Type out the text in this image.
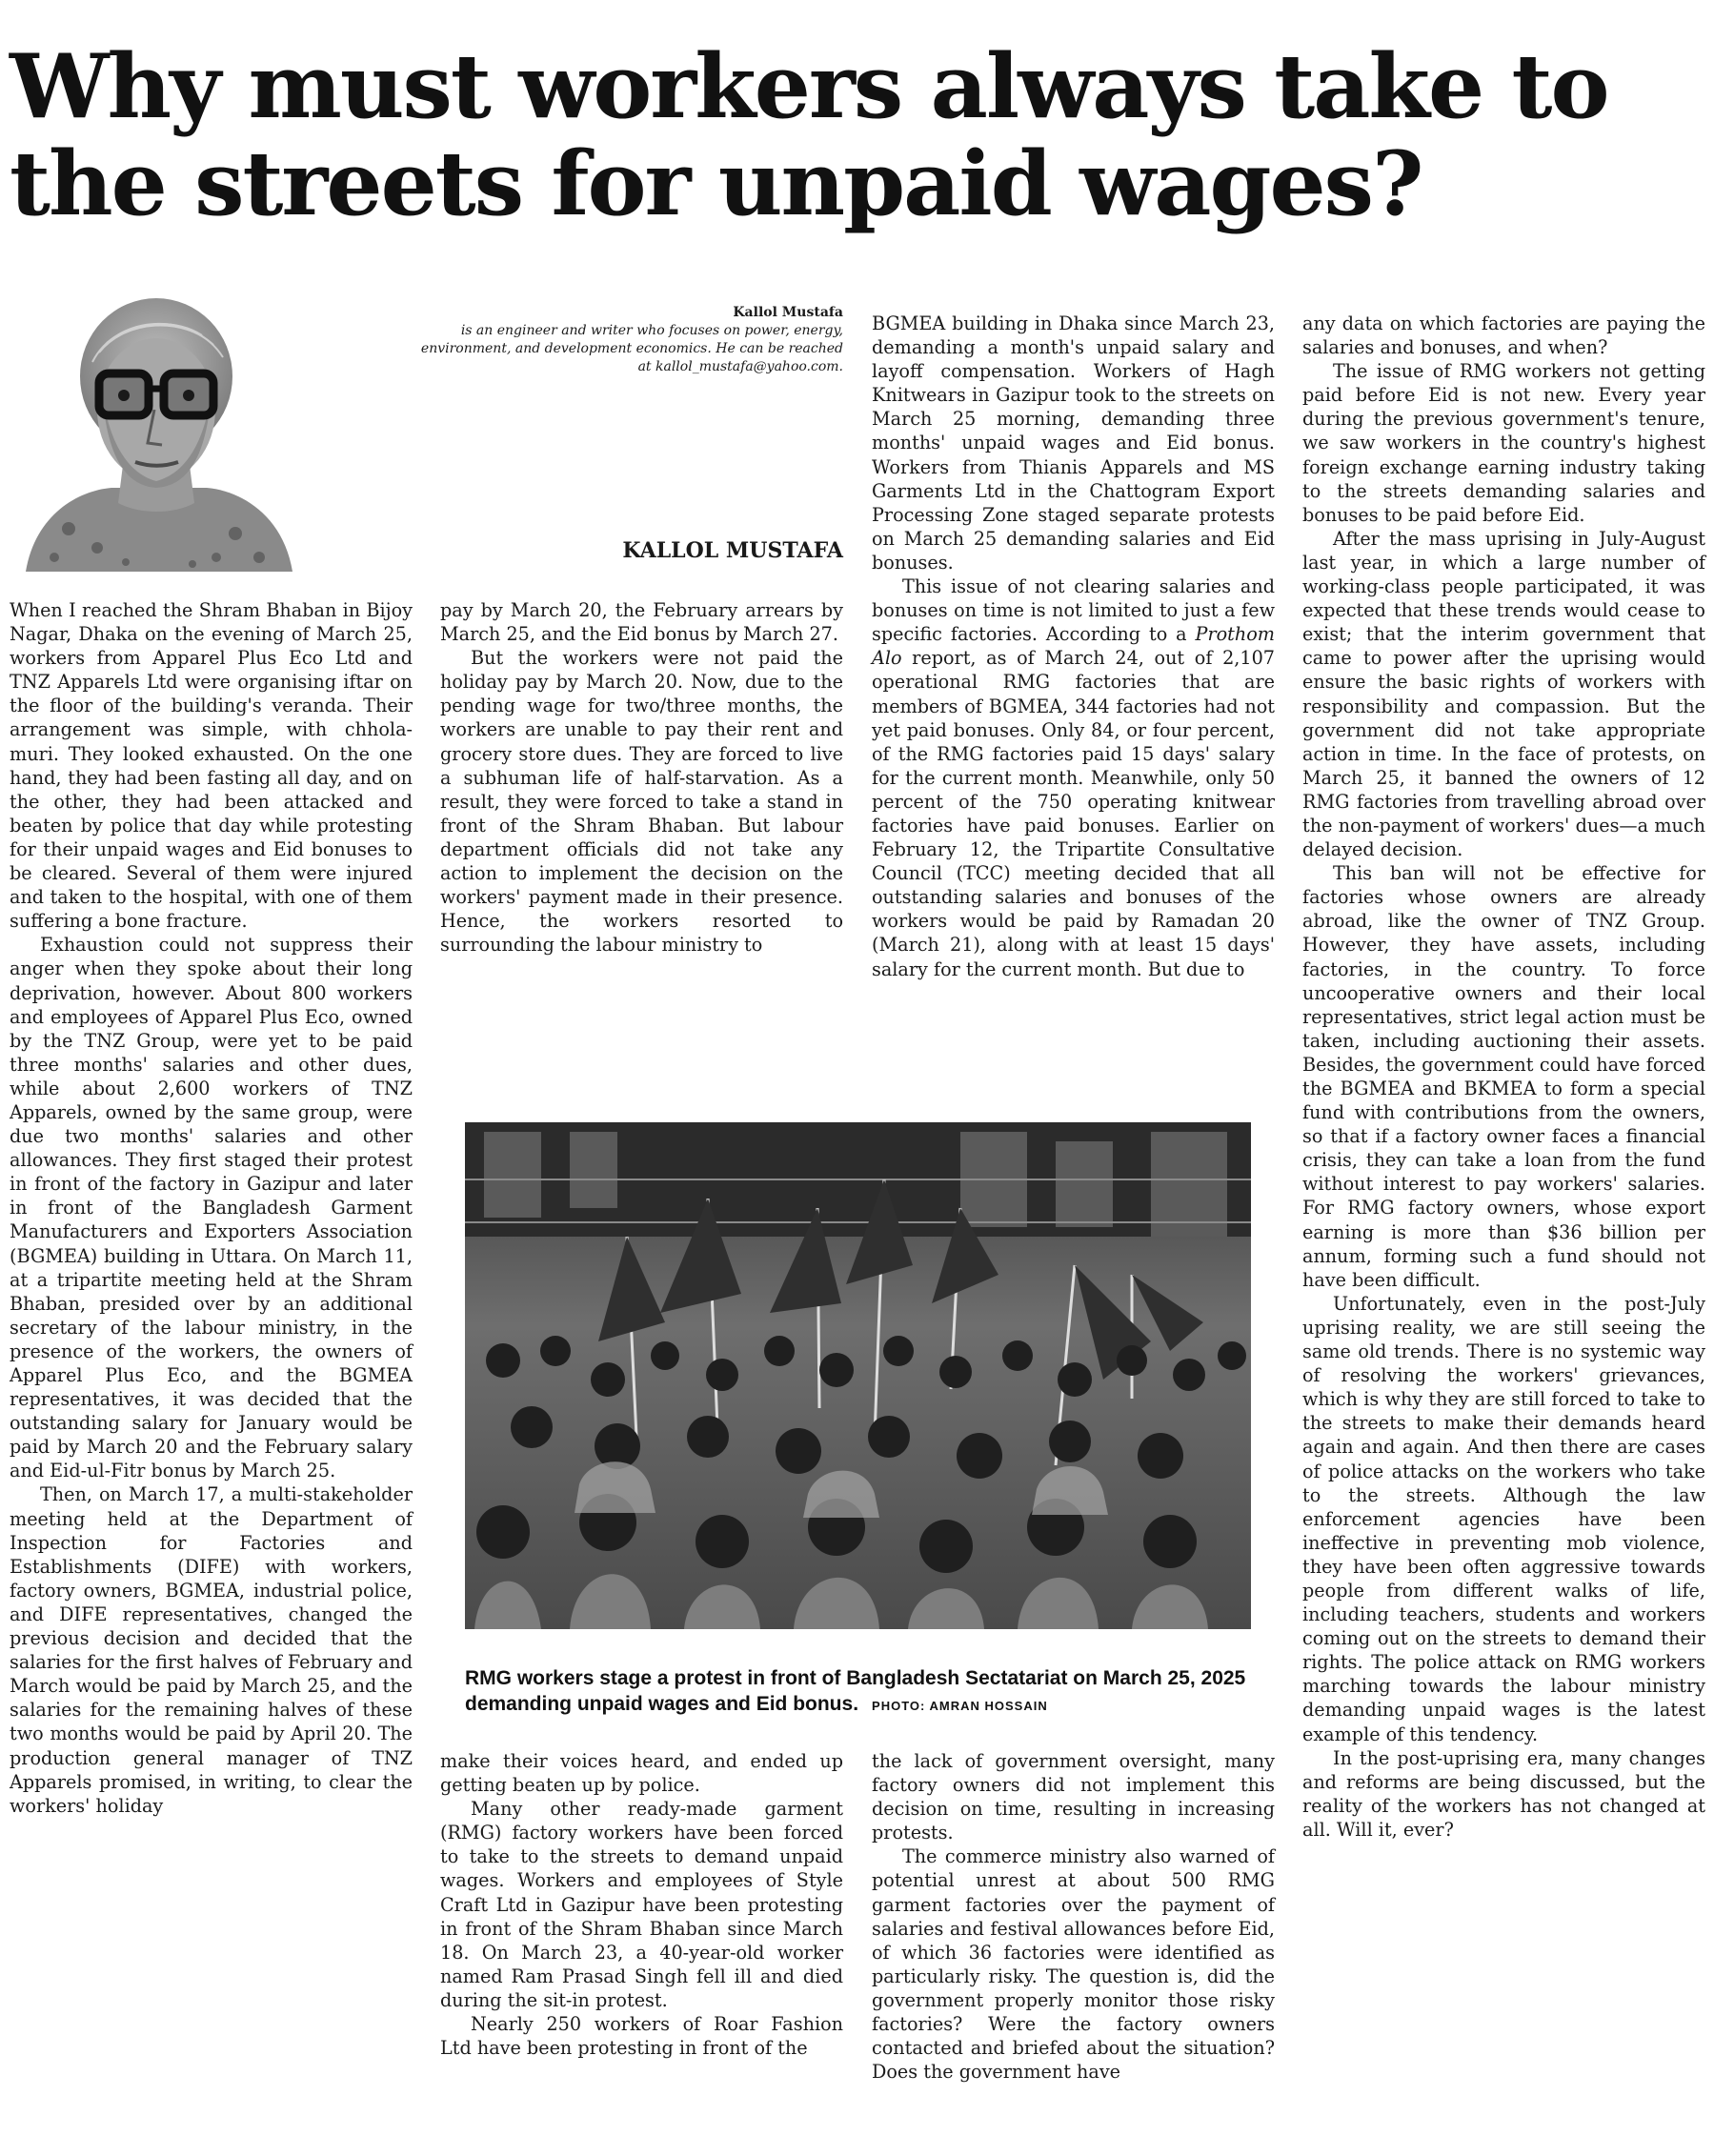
Why must workers always take to the streets for unpaid wages?
Kallol Mustafa
is an engineer and writer who focuses on power, energy, environment, and development economics. He can be reached at kallol_mustafa@yahoo.com.
KALLOL MUSTAFA

When I reached the Shram Bhaban in Bijoy Nagar, Dhaka on the evening of March 25, workers from Apparel Plus Eco Ltd and TNZ Apparels Ltd were organising iftar on the floor of the building's veranda. Their arrangement was simple, with chhola-muri. They looked exhausted. On the one hand, they had been fasting all day, and on the other, they had been attacked and beaten by police that day while protesting for their unpaid wages and Eid bonuses to be cleared. Several of them were injured and taken to the hospital, with one of them suffering a bone fracture.

Exhaustion could not suppress their anger when they spoke about their long deprivation, however. About 800 workers and employees of Apparel Plus Eco, owned by the TNZ Group, were yet to be paid three months' salaries and other dues, while about 2,600 workers of TNZ Apparels, owned by the same group, were due two months' salaries and other allowances. They first staged their protest in front of the factory in Gazipur and later in front of the Bangladesh Garment Manufacturers and Exporters Association (BGMEA) building in Uttara. On March 11, at a tripartite meeting held at the Shram Bhaban, presided over by an additional secretary of the labour ministry, in the presence of the workers, the owners of Apparel Plus Eco, and the BGMEA representatives, it was decided that the outstanding salary for January would be paid by March 20 and the February salary and Eid-ul-Fitr bonus by March 25.

Then, on March 17, a multi-stakeholder meeting held at the Department of Inspection for Factories and Establishments (DIFE) with workers, factory owners, BGMEA, industrial police, and DIFE representatives, changed the previous decision and decided that the salaries for the first halves of February and March would be paid by March 25, and the salaries for the remaining halves of these two months would be paid by April 20. The production general manager of TNZ Apparels promised, in writing, to clear the workers' holiday

pay by March 20, the February arrears by March 25, and the Eid bonus by March 27.

But the workers were not paid the holiday pay by March 20. Now, due to the pending wage for two/three months, the workers are unable to pay their rent and grocery store dues. They are forced to live a subhuman life of half-starvation. As a result, they were forced to take a stand in front of the Shram Bhaban. But labour department officials did not take any action to implement the decision on the workers' payment made in their presence. Hence, the workers resorted to surrounding the labour ministry to

BGMEA building in Dhaka since March 23, demanding a month's unpaid salary and layoff compensation. Workers of Hagh Knitwears in Gazipur took to the streets on March 25 morning, demanding three months' unpaid wages and Eid bonus. Workers from Thianis Apparels and MS Garments Ltd in the Chattogram Export Processing Zone staged separate protests on March 25 demanding salaries and Eid bonuses.

This issue of not clearing salaries and bonuses on time is not limited to just a few specific factories. According to a Prothom Alo report, as of March 24, out of 2,107 operational RMG factories that are members of BGMEA, 344 factories had not yet paid bonuses. Only 84, or four percent, of the RMG factories paid 15 days' salary for the current month. Meanwhile, only 50 percent of the 750 operating knitwear factories have paid bonuses. Earlier on February 12, the Tripartite Consultative Council (TCC) meeting decided that all outstanding salaries and bonuses of the workers would be paid by Ramadan 20 (March 21), along with at least 15 days' salary for the current month. But due to

any data on which factories are paying the salaries and bonuses, and when?

The issue of RMG workers not getting paid before Eid is not new. Every year during the previous government's tenure, we saw workers in the country's highest foreign exchange earning industry taking to the streets demanding salaries and bonuses to be paid before Eid.

After the mass uprising in July-August last year, in which a large number of working-class people participated, it was expected that these trends would cease to exist; that the interim government that came to power after the uprising would ensure the basic rights of workers with responsibility and compassion. But the government did not take appropriate action in time. In the face of protests, on March 25, it banned the owners of 12 RMG factories from travelling abroad over the non-payment of workers' dues—a much delayed decision.

This ban will not be effective for factories whose owners are already abroad, like the owner of TNZ Group. However, they have assets, including factories, in the country. To force uncooperative owners and their local representatives, strict legal action must be taken, including auctioning their assets. Besides, the government could have forced the BGMEA and BKMEA to form a special fund with contributions from the owners, so that if a factory owner faces a financial crisis, they can take a loan from the fund without interest to pay workers' salaries. For RMG factory owners, whose export earning is more than $36 billion per annum, forming such a fund should not have been difficult.

Unfortunately, even in the post-July uprising reality, we are still seeing the same old trends. There is no systemic way of resolving the workers' grievances, which is why they are still forced to take to the streets to make their demands heard again and again. And then there are cases of police attacks on the workers who take to the streets. Although the law enforcement agencies have been ineffective in preventing mob violence, they have been often aggressive towards people from different walks of life, including teachers, students and workers coming out on the streets to demand their rights. The police attack on RMG workers marching towards the labour ministry demanding unpaid wages is the latest example of this tendency.

In the post-uprising era, many changes and reforms are being discussed, but the reality of the workers has not changed at all. Will it, ever?

RMG workers stage a protest in front of Bangladesh Sectatariat on March 25, 2025 demanding unpaid wages and Eid bonus. PHOTO: AMRAN HOSSAIN

make their voices heard, and ended up getting beaten up by police.

Many other ready-made garment (RMG) factory workers have been forced to take to the streets to demand unpaid wages. Workers and employees of Style Craft Ltd in Gazipur have been protesting in front of the Shram Bhaban since March 18. On March 23, a 40-year-old worker named Ram Prasad Singh fell ill and died during the sit-in protest.

Nearly 250 workers of Roar Fashion Ltd have been protesting in front of the

the lack of government oversight, many factory owners did not implement this decision on time, resulting in increasing protests.

The commerce ministry also warned of potential unrest at about 500 RMG garment factories over the payment of salaries and festival allowances before Eid, of which 36 factories were identified as particularly risky. The question is, did the government properly monitor those risky factories? Were the factory owners contacted and briefed about the situation? Does the government have
